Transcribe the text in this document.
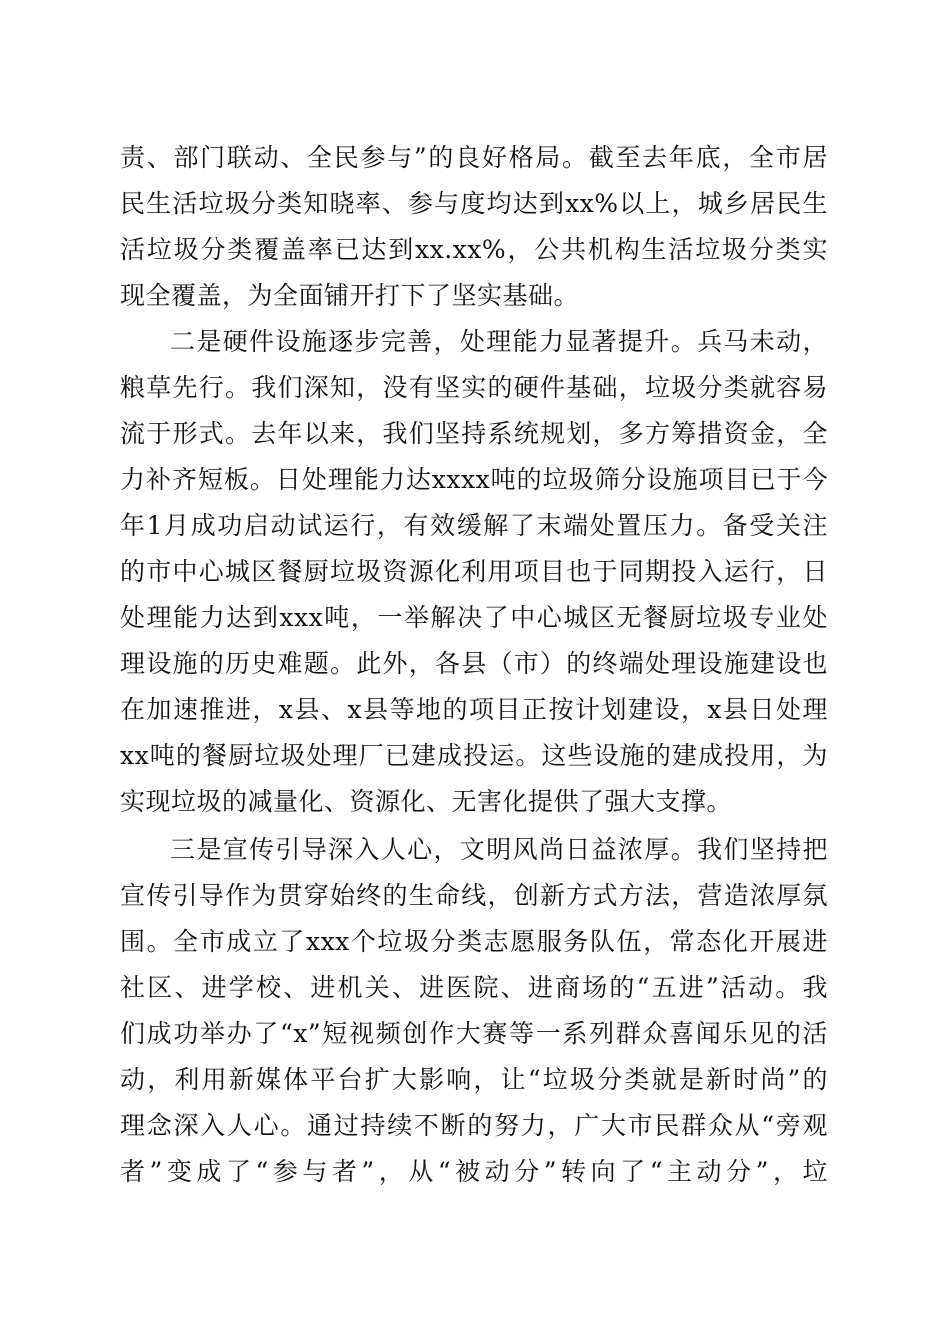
责、部门联动、全民参与”的良好格局。截至去年底，全市居
民生活垃圾分类知晓率、参与度均达到xx%以上，城乡居民生
活垃圾分类覆盖率已达到xx.xx%，公共机构生活垃圾分类实
现全覆盖，为全面铺开打下了坚实基础。
二是硬件设施逐步完善，处理能力显著提升。兵马未动，
粮草先行。我们深知，没有坚实的硬件基础，垃圾分类就容易
流于形式。去年以来，我们坚持系统规划，多方筹措资金，全
力补齐短板。日处理能力达xxxx吨的垃圾筛分设施项目已于今
年1月成功启动试运行，有效缓解了末端处置压力。备受关注
的市中心城区餐厨垃圾资源化利用项目也于同期投入运行，日
处理能力达到xxx吨，一举解决了中心城区无餐厨垃圾专业处
理设施的历史难题。此外，各县（市）的终端处理设施建设也
在加速推进，x县、x县等地的项目正按计划建设，x县日处理
xx吨的餐厨垃圾处理厂已建成投运。这些设施的建成投用，为
实现垃圾的减量化、资源化、无害化提供了强大支撑。
三是宣传引导深入人心，文明风尚日益浓厚。我们坚持把
宣传引导作为贯穿始终的生命线，创新方式方法，营造浓厚氛
围。全市成立了xxx个垃圾分类志愿服务队伍，常态化开展进
社区、进学校、进机关、进医院、进商场的“五进”活动。我
们成功举办了“x”短视频创作大赛等一系列群众喜闻乐见的活
动，利用新媒体平台扩大影响，让“垃圾分类就是新时尚”的
理念深入人心。通过持续不断的努力，广大市民群众从“旁观
者”变成了“参与者”，从“被动分”转向了“主动分”，垃
